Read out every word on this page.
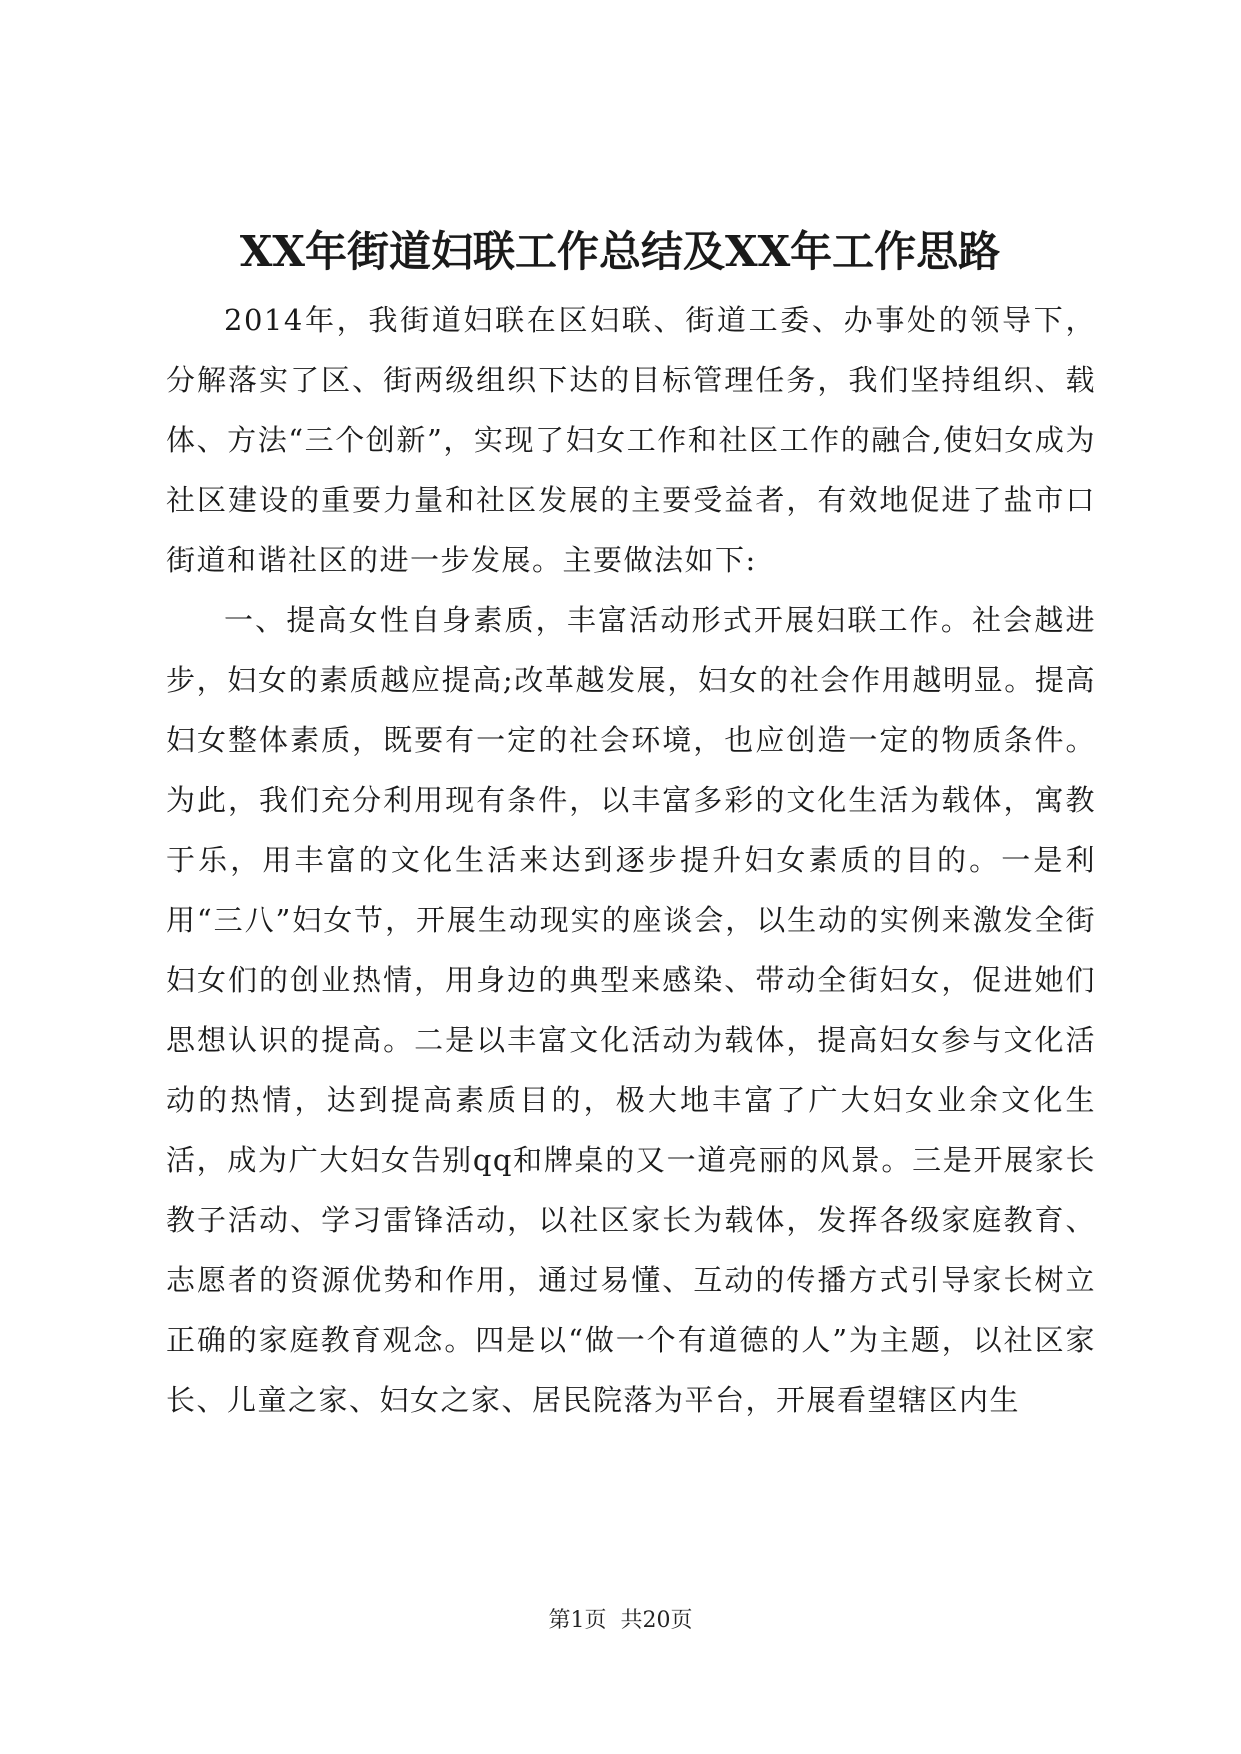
XX年街道妇联工作总结及XX年工作思路

2014年，我街道妇联在区妇联、街道工委、办事处的领导下，分解落实了区、街两级组织下达的目标管理任务，我们坚持组织、载体、方法“三个创新”，实现了妇女工作和社区工作的融合,使妇女成为社区建设的重要力量和社区发展的主要受益者，有效地促进了盐市口街道和谐社区的进一步发展。主要做法如下:

一、提高女性自身素质，丰富活动形式开展妇联工作。社会越进步，妇女的素质越应提高;改革越发展，妇女的社会作用越明显。提高妇女整体素质，既要有一定的社会环境，也应创造一定的物质条件。为此，我们充分利用现有条件，以丰富多彩的文化生活为载体，寓教于乐，用丰富的文化生活来达到逐步提升妇女素质的目的。一是利用“三八”妇女节，开展生动现实的座谈会，以生动的实例来激发全街妇女们的创业热情，用身边的典型来感染、带动全街妇女，促进她们思想认识的提高。二是以丰富文化活动为载体，提高妇女参与文化活动的热情，达到提高素质目的，极大地丰富了广大妇女业余文化生活，成为广大妇女告别qq和牌桌的又一道亮丽的风景。三是开展家长教子活动、学习雷锋活动，以社区家长为载体，发挥各级家庭教育、志愿者的资源优势和作用，通过易懂、互动的传播方式引导家长树立正确的家庭教育观念。四是以“做一个有道德的人”为主题，以社区家长、儿童之家、妇女之家、居民院落为平台，开展看望辖区内生

第1页  共20页
